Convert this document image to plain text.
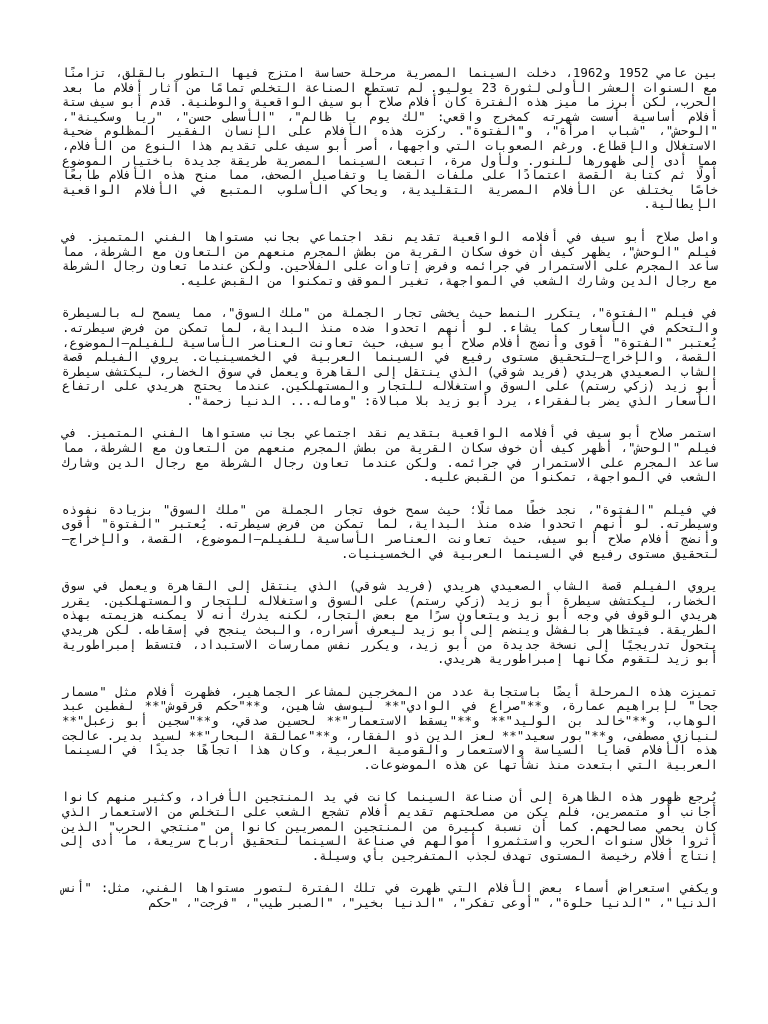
بين عامي 1952 و1962، دخلت السينما المصرية مرحلة حساسة امتزج فيها التطور بالقلق، تزامنًا مع السنوات العشر الأولى لثورة 23 يوليو. لم تستطع الصناعة التخلص تمامًا من آثار أفلام ما بعد الحرب، لكن أبرز ما ميز هذه الفترة كان أفلام صلاح أبو سيف الواقعية والوطنية. قدم أبو سيف ستة أفلام أساسية أسست شهرته كمخرج واقعي: "لك يوم يا ظالم"، "الأسطى حسن"، "ريا وسكينة"، "الوحش"، "شباب امرأة"، و"الفتوة". ركزت هذه الأفلام على الإنسان الفقير المظلوم ضحية الاستغلال والإقطاع. ورغم الصعوبات التي واجهها، أصر أبو سيف على تقديم هذا النوع من الأفلام، مما أدى إلى ظهورها للنور. ولأول مرة، اتبعت السينما المصرية طريقة جديدة باختيار الموضوع أولًا ثم كتابة القصة اعتمادًا على ملفات القضايا وتفاصيل الصحف، مما منح هذه الأفلام طابعًا خاصًا يختلف عن الأفلام المصرية التقليدية، ويحاكي الأسلوب المتبع في الأفلام الواقعية الإيطالية.

واصل صلاح أبو سيف في أفلامه الواقعية تقديم نقد اجتماعي بجانب مستواها الفني المتميز. في فيلم "الوحش"، يظهر كيف أن خوف سكان القرية من بطش المجرم منعهم من التعاون مع الشرطة، مما ساعد المجرم على الاستمرار في جرائمه وفرض إتاوات على الفلاحين. ولكن عندما تعاون رجال الشرطة مع رجال الدين وشارك الشعب في المواجهة، تغير الموقف وتمكنوا من القبض عليه.

في فيلم "الفتوة"، يتكرر النمط حيث يخشى تجار الجملة من "ملك السوق"، مما يسمح له بالسيطرة والتحكم في الأسعار كما يشاء. لو أنهم اتحدوا ضده منذ البداية، لما تمكن من فرض سيطرته. يُعتبر "الفتوة" أقوى وأنضج أفلام صلاح أبو سيف، حيث تعاونت العناصر الأساسية للفيلم—الموضوع، القصة، والإخراج—لتحقيق مستوى رفيع في السينما العربية في الخمسينيات. يروي الفيلم قصة الشاب الصعيدي هريدي (فريد شوقي) الذي ينتقل إلى القاهرة ويعمل في سوق الخضار، ليكتشف سيطرة أبو زيد (زكي رستم) على السوق واستغلاله للتجار والمستهلكين. عندما يحتج هريدي على ارتفاع الأسعار الذي يضر بالفقراء، يرد أبو زيد بلا مبالاة: "وماله... الدنيا زحمة".

استمر صلاح أبو سيف في أفلامه الواقعية بتقديم نقد اجتماعي بجانب مستواها الفني المتميز. في فيلم "الوحش"، أظهر كيف أن خوف سكان القرية من بطش المجرم منعهم من التعاون مع الشرطة، مما ساعد المجرم على الاستمرار في جرائمه. ولكن عندما تعاون رجال الشرطة مع رجال الدين وشارك الشعب في المواجهة، تمكنوا من القبض عليه.

في فيلم "الفتوة"، نجد خطًا مماثلًا؛ حيث سمح خوف تجار الجملة من "ملك السوق" بزيادة نفوذه وسيطرته. لو أنهم اتحدوا ضده منذ البداية، لما تمكن من فرض سيطرته. يُعتبر "الفتوة" أقوى وأنضج أفلام صلاح أبو سيف، حيث تعاونت العناصر الأساسية للفيلم—الموضوع، القصة، والإخراج—لتحقيق مستوى رفيع في السينما العربية في الخمسينيات.

يروي الفيلم قصة الشاب الصعيدي هريدي (فريد شوقي) الذي ينتقل إلى القاهرة ويعمل في سوق الخضار، ليكتشف سيطرة أبو زيد (زكي رستم) على السوق واستغلاله للتجار والمستهلكين. يقرر هريدي الوقوف في وجه أبو زيد ويتعاون سرًا مع بعض التجار، لكنه يدرك أنه لا يمكنه هزيمته بهذه الطريقة. فيتظاهر بالفشل وينضم إلى أبو زيد ليعرف أسراره، والبحث ينجح في إسقاطه. لكن هريدي يتحول تدريجيًا إلى نسخة جديدة من أبو زيد، ويكرر نفس ممارسات الاستبداد، فتسقط إمبراطورية أبو زيد لتقوم مكانها إمبراطورية هريدي.

تميزت هذه المرحلة أيضًا باستجابة عدد من المخرجين لمشاعر الجماهير، فظهرت أفلام مثل "مسمار جحا" لإبراهيم عمارة، و**"صراع في الوادي"** ليوسف شاهين، و**"حكم قرقوش"** لفطين عبد الوهاب، و**"خالد بن الوليد"** و**"يسقط الاستعمار"** لحسين صدقي، و**"سجين أبو زعبل"** لنيازي مصطفى، و**"بور سعيد"** لعز الدين ذو الفقار، و**"عمالقة البحار"** لسيد بدير. عالجت هذه الأفلام قضايا السياسة والاستعمار والقومية العربية، وكان هذا اتجاهًا جديدًا في السينما العربية التي ابتعدت منذ نشأتها عن هذه الموضوعات.

يُرجع ظهور هذه الظاهرة إلى أن صناعة السينما كانت في يد المنتجين الأفراد، وكثير منهم كانوا أجانب أو متمصرين، فلم يكن من مصلحتهم تقديم أفلام تشجع الشعب على التخلص من الاستعمار الذي كان يحمي مصالحهم. كما أن نسبة كبيرة من المنتجين المصريين كانوا من "منتجي الحرب" الذين أثروا خلال سنوات الحرب واستثمروا أموالهم في صناعة السينما لتحقيق أرباح سريعة، ما أدى إلى إنتاج أفلام رخيصة المستوى تهدف لجذب المتفرجين بأي وسيلة.

ويكفي استعراض أسماء بعض الأفلام التي ظهرت في تلك الفترة لتصور مستواها الفني، مثل: "أنس الدنيا"، "الدنيا حلوة"، "أوعى تفكر"، "الدنيا بخير"، "الصبر طيب"، "فرجت"، "حكم
